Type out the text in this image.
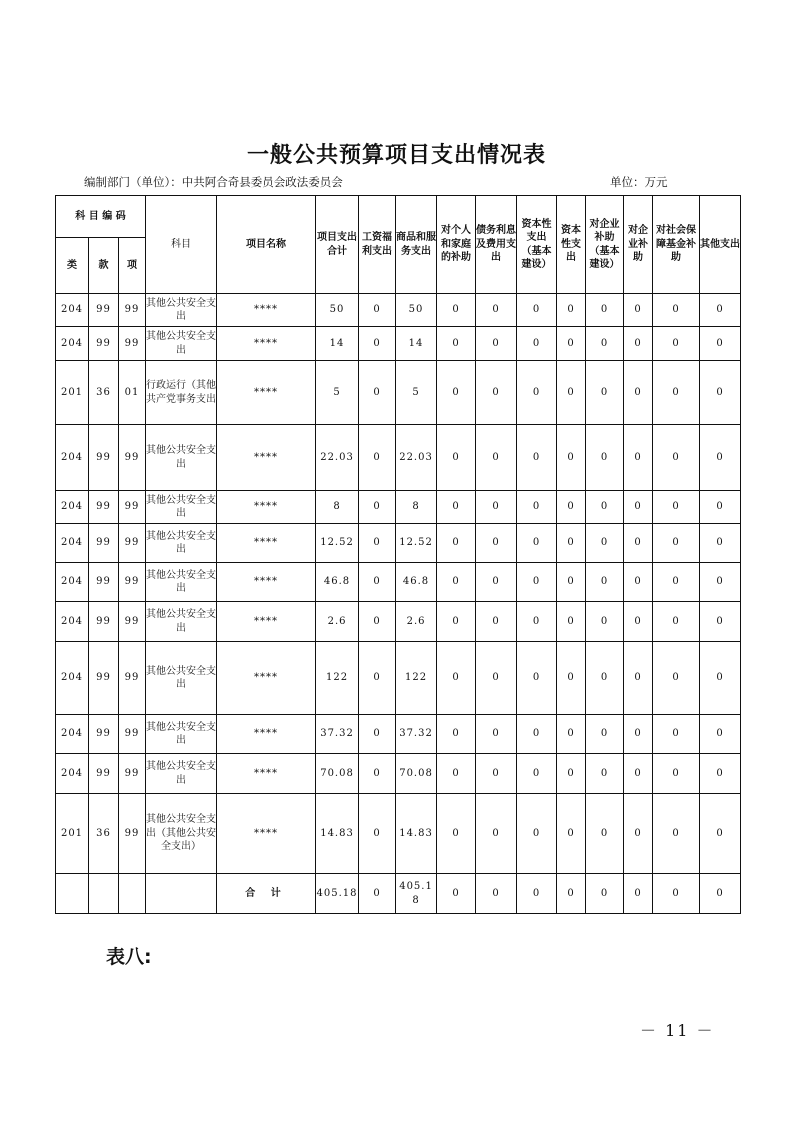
一般公共预算项目支出情况表
编制部门（单位）：中共阿合奇县委员会政法委员会	单位：万元
科 目 编 码			科目	项目名称	项目支出合计	工资福利支出	商品和服务支出	对个人和家庭的补助	债务利息及费用支出	资本性支出（基本建设）	资本性支出	对企业补助（基本建设）	对企业补助	对社会保障基金补助	其他支出
类	款	项													
204	99	99	其他公共安全支出	****	50	0	50	0	0	0	0	0	0	0	0
204	99	99	其他公共安全支出	****	14	0	14	0	0	0	0	0	0	0	0
201	36	01	行政运行（其他共产党事务支出	****	5	0	5	0	0	0	0	0	0	0	0
204	99	99	其他公共安全支出	****	22.03	0	22.03	0	0	0	0	0	0	0	0
204	99	99	其他公共安全支出	****	8	0	8	0	0	0	0	0	0	0	0
204	99	99	其他公共安全支出	****	12.52	0	12.52	0	0	0	0	0	0	0	0
204	99	99	其他公共安全支出	****	46.8	0	46.8	0	0	0	0	0	0	0	0
204	99	99	其他公共安全支出	****	2.6	0	2.6	0	0	0	0	0	0	0	0
204	99	99	其他公共安全支出	****	122	0	122	0	0	0	0	0	0	0	0
204	99	99	其他公共安全支出	****	37.32	0	37.32	0	0	0	0	0	0	0	0
204	99	99	其他公共安全支出	****	70.08	0	70.08	0	0	0	0	0	0	0	0
201	36	99	其他公共安全支出（其他公共安全支出）	****	14.83	0	14.83	0	0	0	0	0	0	0	0
				合 计	405.18	0	405.18	0	0	0	0	0	0	0	0
表八:
－ 11 －
